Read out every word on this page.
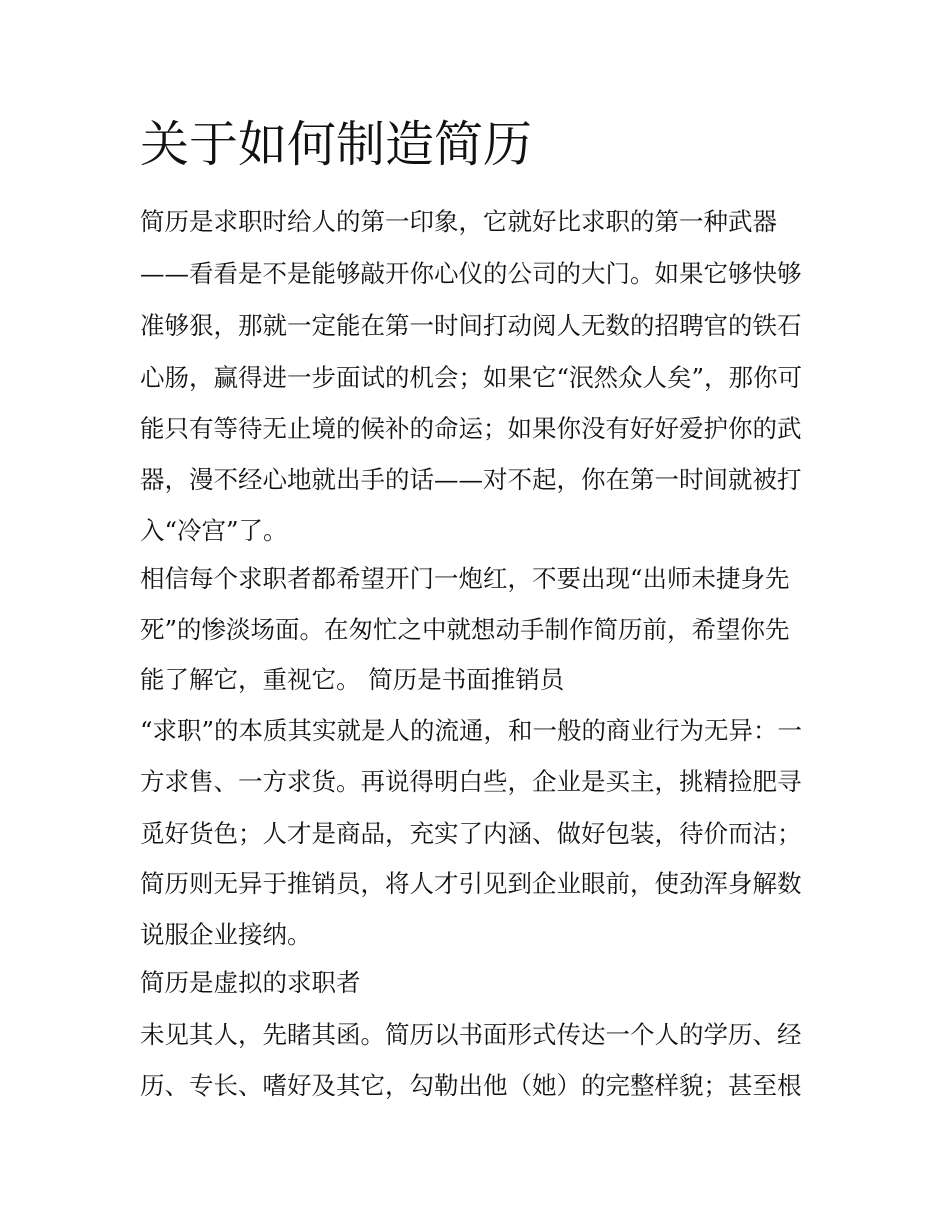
关于如何制造简历

简历是求职时给人的第一印象，它就好比求职的第一种武器

——看看是不是能够敲开你心仪的公司的大门。如果它够快够

准够狠，那就一定能在第一时间打动阅人无数的招聘官的铁石

心肠，赢得进一步面试的机会；如果它“泯然众人矣”，那你可

能只有等待无止境的候补的命运；如果你没有好好爱护你的武

器，漫不经心地就出手的话——对不起，你在第一时间就被打

入“冷宫”了。

相信每个求职者都希望开门一炮红，不要出现“出师未捷身先

死”的惨淡场面。在匆忙之中就想动手制作简历前，希望你先

能了解它，重视它。 简历是书面推销员

“求职”的本质其实就是人的流通，和一般的商业行为无异：一

方求售、一方求货。再说得明白些，企业是买主，挑精捡肥寻

觅好货色；人才是商品，充实了内涵、做好包装，待价而沽；

简历则无异于推销员，将人才引见到企业眼前，使劲浑身解数

说服企业接纳。

简历是虚拟的求职者

未见其人，先睹其函。简历以书面形式传达一个人的学历、经

历、专长、嗜好及其它，勾勒出他（她）的完整样貌；甚至根
